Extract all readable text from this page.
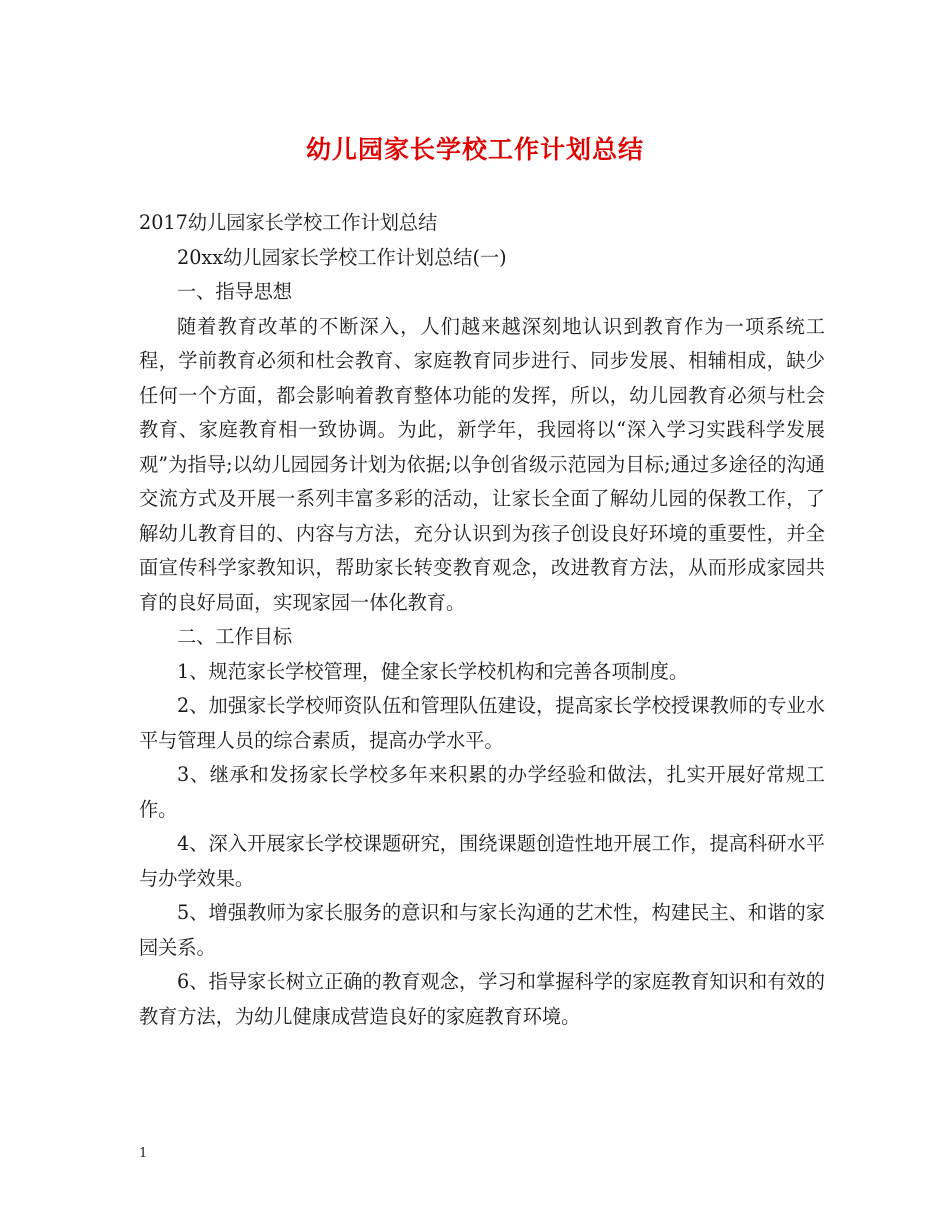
幼儿园家长学校工作计划总结

2017幼儿园家长学校工作计划总结

20xx幼儿园家长学校工作计划总结(一)

一、指导思想

随着教育改革的不断深入，人们越来越深刻地认识到教育作为一项系统工程，学前教育必须和杜会教育、家庭教育同步进行、同步发展、相辅相成，缺少任何一个方面，都会影响着教育整体功能的发挥，所以，幼儿园教育必须与杜会教育、家庭教育相一致协调。为此，新学年，我园将以“深入学习实践科学发展观”为指导;以幼儿园园务计划为依据;以争创省级示范园为目标;通过多途径的沟通交流方式及开展一系列丰富多彩的活动，让家长全面了解幼儿园的保教工作，了解幼儿教育目的、内容与方法，充分认识到为孩子创设良好环境的重要性，并全面宣传科学家教知识，帮助家长转变教育观念，改进教育方法，从而形成家园共育的良好局面，实现家园一体化教育。

二、工作目标

1、规范家长学校管理，健全家长学校机构和完善各项制度。

2、加强家长学校师资队伍和管理队伍建设，提高家长学校授课教师的专业水平与管理人员的综合素质，提高办学水平。

3、继承和发扬家长学校多年来积累的办学经验和做法，扎实开展好常规工作。

4、深入开展家长学校课题研究，围绕课题创造性地开展工作，提高科研水平与办学效果。

5、增强教师为家长服务的意识和与家长沟通的艺术性，构建民主、和谐的家园关系。

6、指导家长树立正确的教育观念，学习和掌握科学的家庭教育知识和有效的教育方法，为幼儿健康成营造良好的家庭教育环境。

1
